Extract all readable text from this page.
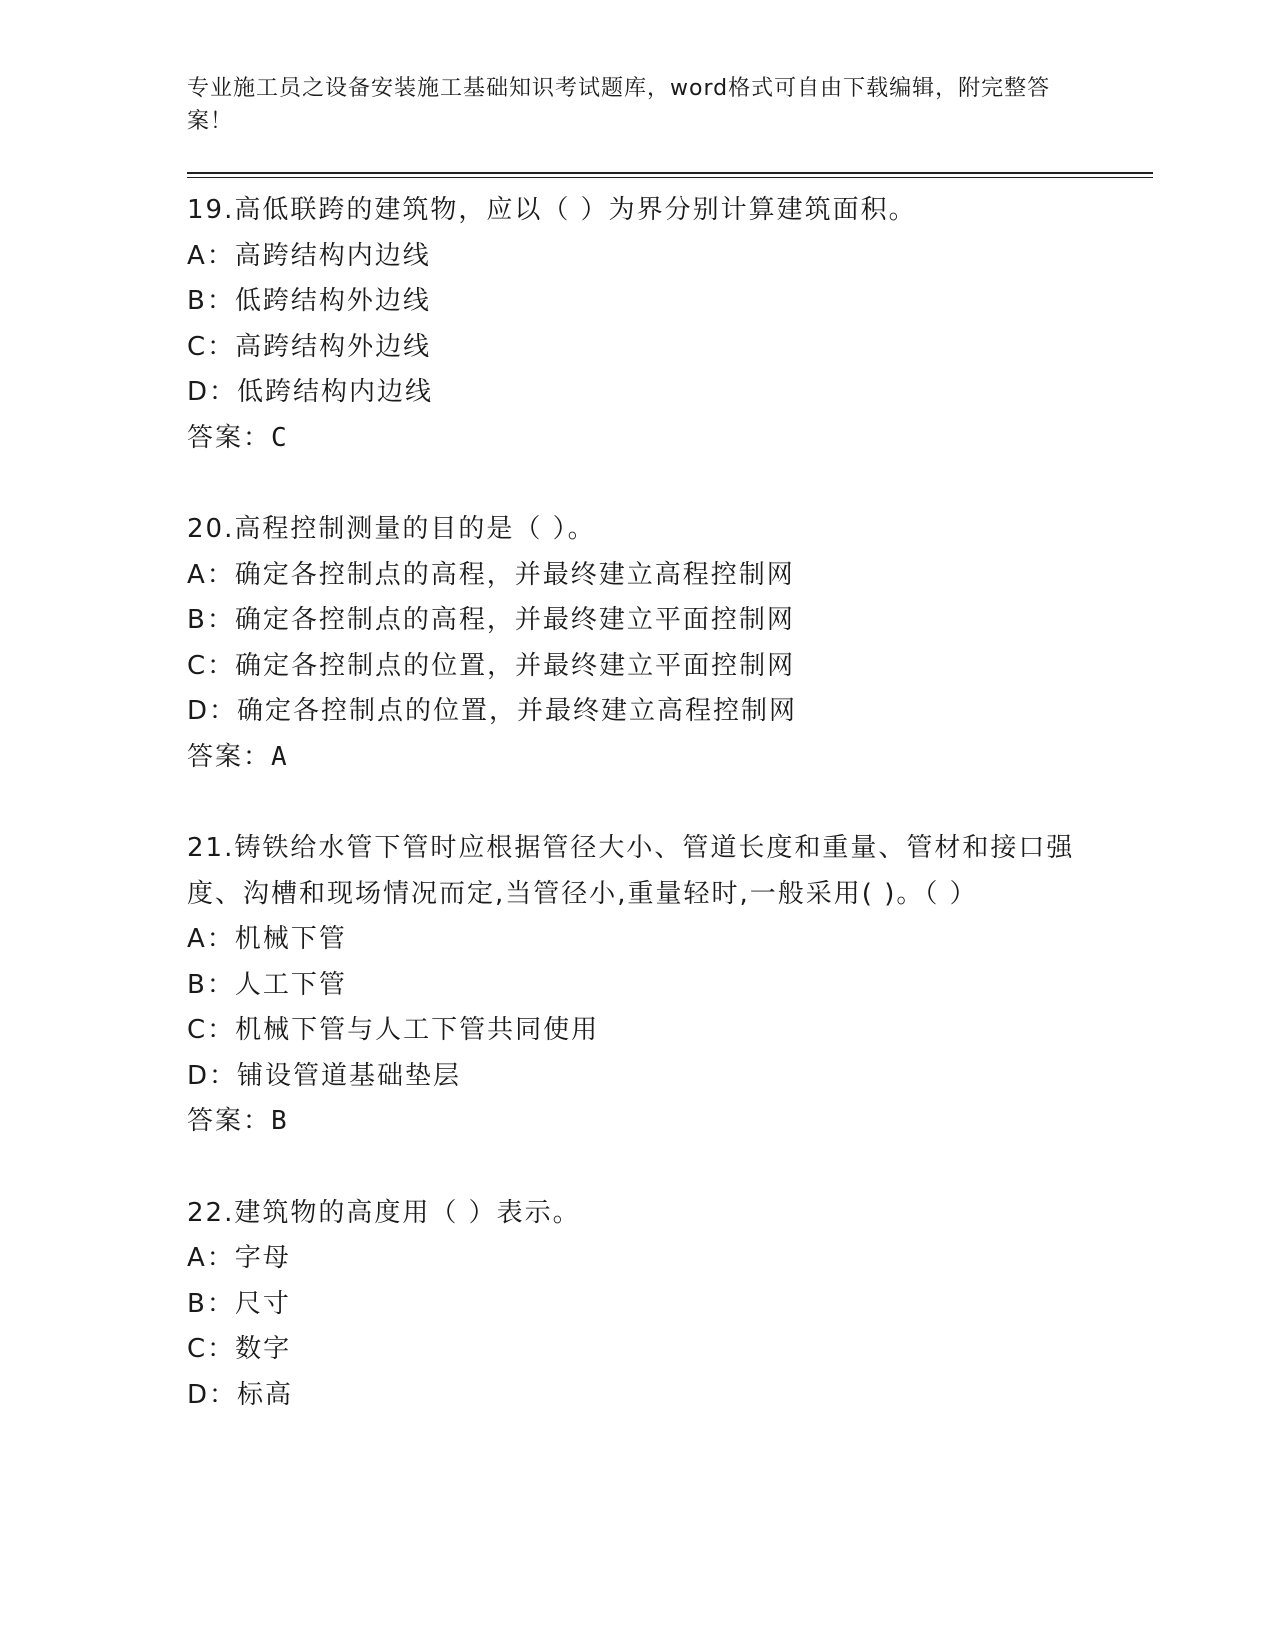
专业施工员之设备安装施工基础知识考试题库，word格式可自由下载编辑，附完整答案！
19.高低联跨的建筑物，应以（ ）为界分别计算建筑面积。
A：高跨结构内边线
B：低跨结构外边线
C：高跨结构外边线
D：低跨结构内边线
答案：C
20.高程控制测量的目的是（ ）。
A：确定各控制点的高程，并最终建立高程控制网
B：确定各控制点的高程，并最终建立平面控制网
C：确定各控制点的位置，并最终建立平面控制网
D：确定各控制点的位置，并最终建立高程控制网
答案：A
21.铸铁给水管下管时应根据管径大小、管道长度和重量、管材和接口强度、沟槽和现场情况而定,当管径小,重量轻时,一般采用( )。（ ）
A：机械下管
B：人工下管
C：机械下管与人工下管共同使用
D：铺设管道基础垫层
答案：B
22.建筑物的高度用（ ）表示。
A：字母
B：尺寸
C：数字
D：标高
